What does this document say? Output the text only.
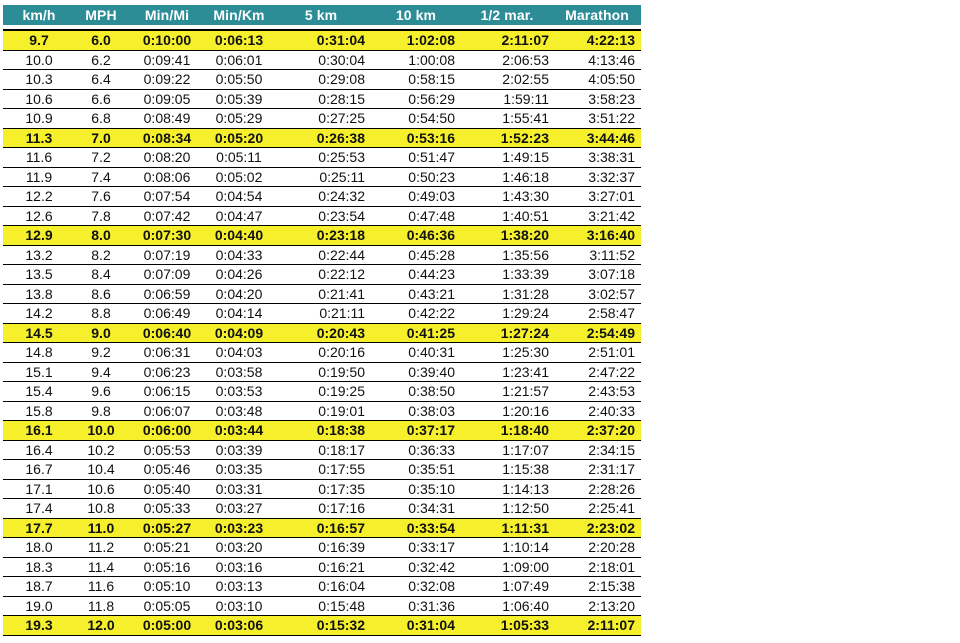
km/h	MPH	Min/Mi	Min/Km	5 km	10 km	1/2 mar.	Marathon
9.7	6.0	0:10:00	0:06:13	0:31:04	1:02:08	2:11:07	4:22:13
10.0	6.2	0:09:41	0:06:01	0:30:04	1:00:08	2:06:53	4:13:46
10.3	6.4	0:09:22	0:05:50	0:29:08	0:58:15	2:02:55	4:05:50
10.6	6.6	0:09:05	0:05:39	0:28:15	0:56:29	1:59:11	3:58:23
10.9	6.8	0:08:49	0:05:29	0:27:25	0:54:50	1:55:41	3:51:22
11.3	7.0	0:08:34	0:05:20	0:26:38	0:53:16	1:52:23	3:44:46
11.6	7.2	0:08:20	0:05:11	0:25:53	0:51:47	1:49:15	3:38:31
11.9	7.4	0:08:06	0:05:02	0:25:11	0:50:23	1:46:18	3:32:37
12.2	7.6	0:07:54	0:04:54	0:24:32	0:49:03	1:43:30	3:27:01
12.6	7.8	0:07:42	0:04:47	0:23:54	0:47:48	1:40:51	3:21:42
12.9	8.0	0:07:30	0:04:40	0:23:18	0:46:36	1:38:20	3:16:40
13.2	8.2	0:07:19	0:04:33	0:22:44	0:45:28	1:35:56	3:11:52
13.5	8.4	0:07:09	0:04:26	0:22:12	0:44:23	1:33:39	3:07:18
13.8	8.6	0:06:59	0:04:20	0:21:41	0:43:21	1:31:28	3:02:57
14.2	8.8	0:06:49	0:04:14	0:21:11	0:42:22	1:29:24	2:58:47
14.5	9.0	0:06:40	0:04:09	0:20:43	0:41:25	1:27:24	2:54:49
14.8	9.2	0:06:31	0:04:03	0:20:16	0:40:31	1:25:30	2:51:01
15.1	9.4	0:06:23	0:03:58	0:19:50	0:39:40	1:23:41	2:47:22
15.4	9.6	0:06:15	0:03:53	0:19:25	0:38:50	1:21:57	2:43:53
15.8	9.8	0:06:07	0:03:48	0:19:01	0:38:03	1:20:16	2:40:33
16.1	10.0	0:06:00	0:03:44	0:18:38	0:37:17	1:18:40	2:37:20
16.4	10.2	0:05:53	0:03:39	0:18:17	0:36:33	1:17:07	2:34:15
16.7	10.4	0:05:46	0:03:35	0:17:55	0:35:51	1:15:38	2:31:17
17.1	10.6	0:05:40	0:03:31	0:17:35	0:35:10	1:14:13	2:28:26
17.4	10.8	0:05:33	0:03:27	0:17:16	0:34:31	1:12:50	2:25:41
17.7	11.0	0:05:27	0:03:23	0:16:57	0:33:54	1:11:31	2:23:02
18.0	11.2	0:05:21	0:03:20	0:16:39	0:33:17	1:10:14	2:20:28
18.3	11.4	0:05:16	0:03:16	0:16:21	0:32:42	1:09:00	2:18:01
18.7	11.6	0:05:10	0:03:13	0:16:04	0:32:08	1:07:49	2:15:38
19.0	11.8	0:05:05	0:03:10	0:15:48	0:31:36	1:06:40	2:13:20
19.3	12.0	0:05:00	0:03:06	0:15:32	0:31:04	1:05:33	2:11:07
